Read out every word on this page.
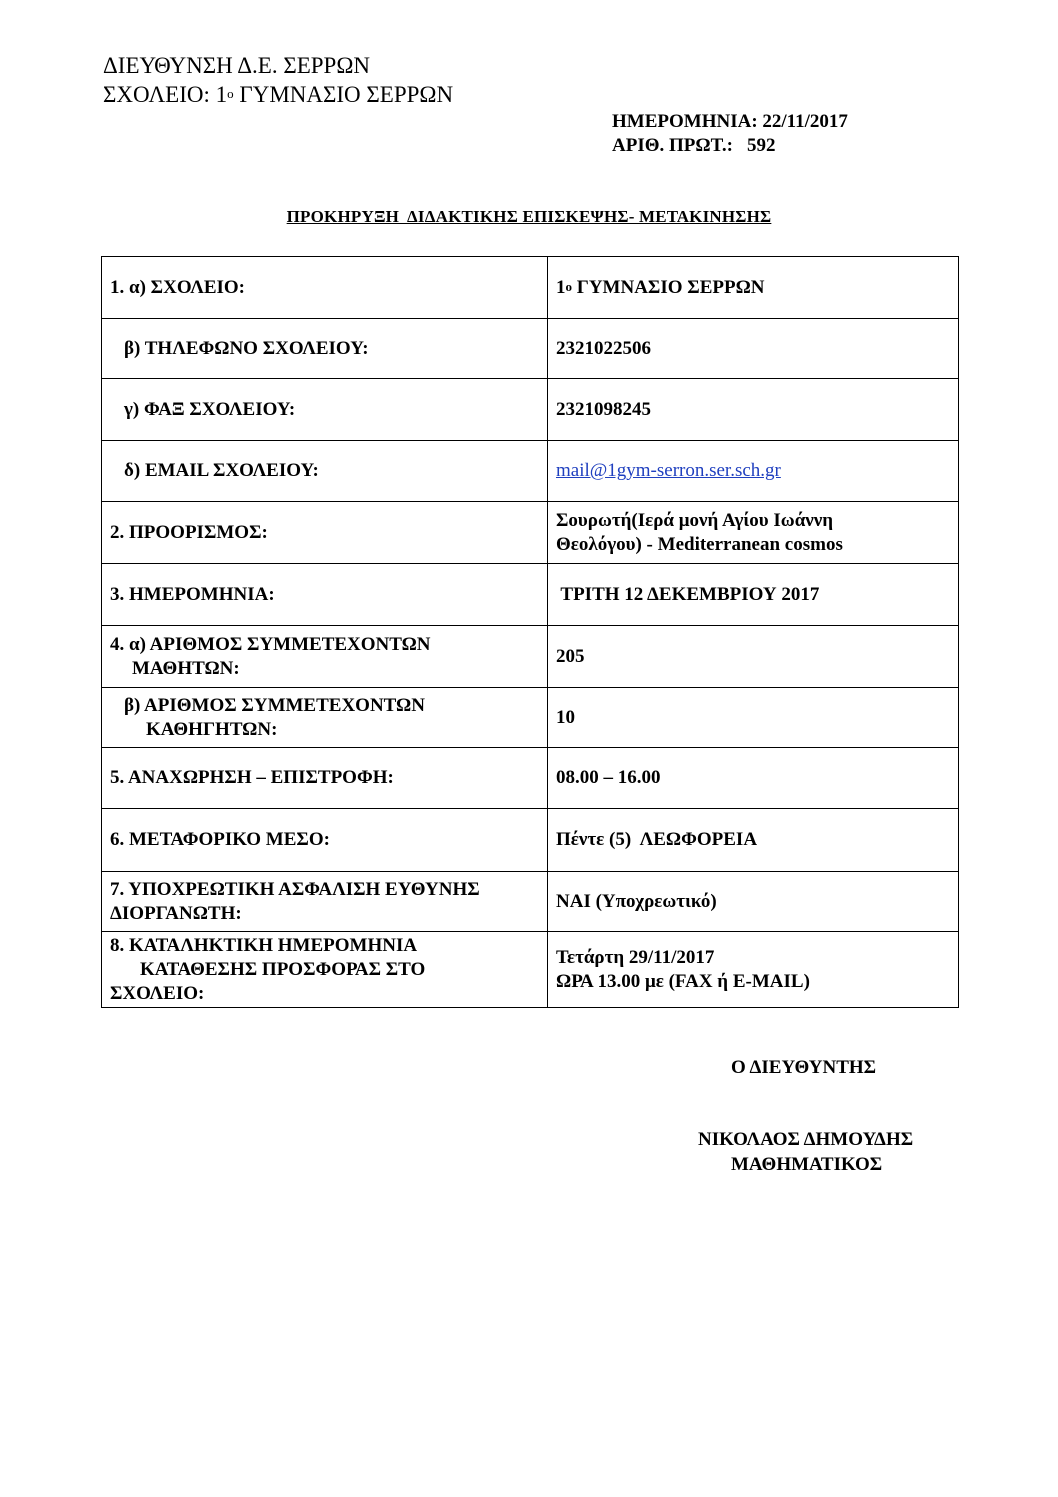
ΔΙΕΥΘΥΝΣΗ Δ.Ε. ΣΕΡΡΩΝ
ΣΧΟΛΕΙΟ: $1^o$ ΓΥΜΝΑΣΙΟ ΣΕΡΡΩΝ
ΗΜΕΡΟΜΗΝΙΑ: 22/11/2017
ΑΡΙΘ. ΠΡΩΤ.: 592
ΠΡΟΚΗΡΥΞΗ  ΔΙΔΑΚΤΙΚΗΣ ΕΠΙΣΚΕΨΗΣ- ΜΕΤΑΚΙΝΗΣΗΣ
1. α) ΣΧΟΛΕΙΟ:	$1^o$ ΓΥΜΝΑΣΙΟ ΣΕΡΡΩΝ
β) ΤΗΛΕΦΩΝΟ ΣΧΟΛΕΙΟΥ:	2321022506
γ) ΦΑΞ ΣΧΟΛΕΙΟΥ:	2321098245
δ) EMAIL ΣΧΟΛΕΙΟΥ:	mail@1gym-serron.ser.sch.gr
2. ΠΡΟΟΡΙΣΜΟΣ:	Σουρωτή(Ιερά μονή Αγίου Ιωάννη
Θεολόγου) - Mediterranean cosmos

3. ΗΜΕΡΟΜΗΝΙΑ:	ΤΡΙΤΗ 12 ΔΕΚΕΜΒΡΙΟΥ 2017

4. α) ΑΡΙΘΜΟΣ ΣΥΜΜΕΤΕΧΟΝΤΩΝ
ΜΑΘΗΤΩΝ:	205

β) ΑΡΙΘΜΟΣ ΣΥΜΜΕΤΕΧΟΝΤΩΝ
ΚΑΘΗΓΗΤΩΝ:	10
5. ΑΝΑΧΩΡΗΣΗ – ΕΠΙΣΤΡΟΦΗ:	08.00 – 16.00
6. ΜΕΤΑΦΟΡΙΚΟ ΜΕΣΟ:	Πέντε (5)  ΛΕΩΦΟΡΕΙΑ

7. ΥΠΟΧΡΕΩΤΙΚΗ ΑΣΦΑΛΙΣΗ ΕΥΘΥΝΗΣ
ΔΙΟΡΓΑΝΩΤΗ:	ΝΑΙ (Υποχρεωτικό)

8. ΚΑΤΑΛΗΚΤΙΚΗ ΗΜΕΡΟΜΗΝΙΑ
ΚΑΤΑΘΕΣΗΣ ΠΡΟΣΦΟΡΑΣ ΣΤΟ
ΣΧΟΛΕΙΟ:	Τετάρτη 29/11/2017
ΩΡΑ 13.00 με (FAX ή E-MAIL)
Ο ΔΙΕΥΘΥΝΤΗΣ
ΝΙΚΟΛΑΟΣ ΔΗΜΟΥΔΗΣ
ΜΑΘΗΜΑΤΙΚΟΣ
